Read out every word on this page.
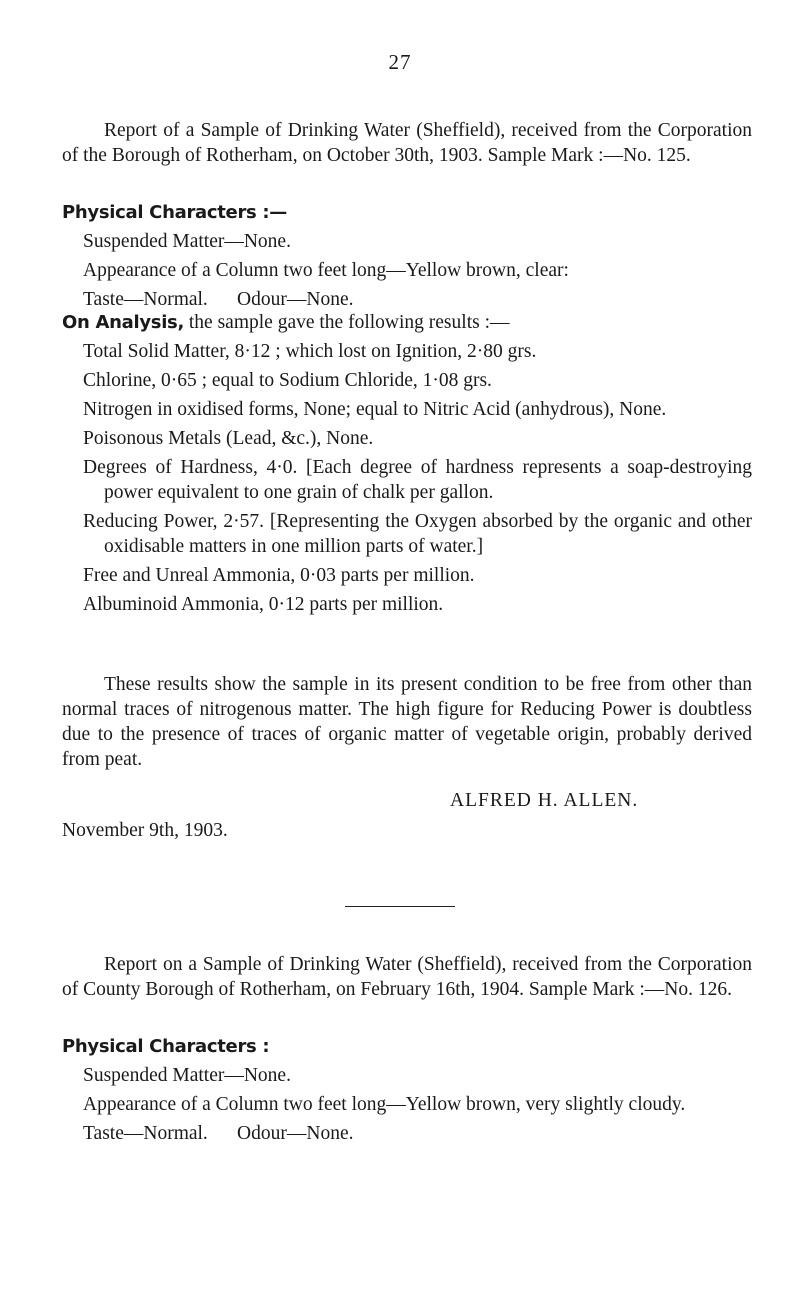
27

Report of a Sample of Drinking Water (Sheffield), received from the Corporation of the Borough of Rotherham, on October 30th, 1903. Sample Mark :—No. 125.

Physical Characters :—

Suspended Matter—None.

Appearance of a Column two feet long—Yellow brown, clear:

Taste—Normal.      Odour—None.

On Analysis, the sample gave the following results :—

Total Solid Matter, 8·12 ; which lost on Ignition, 2·80 grs.

Chlorine, 0·65 ; equal to Sodium Chloride, 1·08 grs.

Nitrogen in oxidised forms, None; equal to Nitric Acid (anhydrous), None.

Poisonous Metals (Lead, &c.), None.

Degrees of Hardness, 4·0. [Each degree of hardness represents a soap-destroying power equivalent to one grain of chalk per gallon.

Reducing Power, 2·57. [Representing the Oxygen absorbed by the organic and other oxidisable matters in one million parts of water.]

Free and Unreal Ammonia, 0·03 parts per million.

Albuminoid Ammonia, 0·12 parts per million.

These results show the sample in its present condition to be free from other than normal traces of nitrogenous matter. The high figure for Reducing Power is doubtless due to the presence of traces of organic matter of vegetable origin, probably derived from peat.

ALFRED H. ALLEN.
November 9th, 1903.

Report on a Sample of Drinking Water (Sheffield), received from the Corporation of County Borough of Rotherham, on February 16th, 1904. Sample Mark :—No. 126.

Physical Characters :

Suspended Matter—None.

Appearance of a Column two feet long—Yellow brown, very slightly cloudy.

Taste—Normal.      Odour—None.
